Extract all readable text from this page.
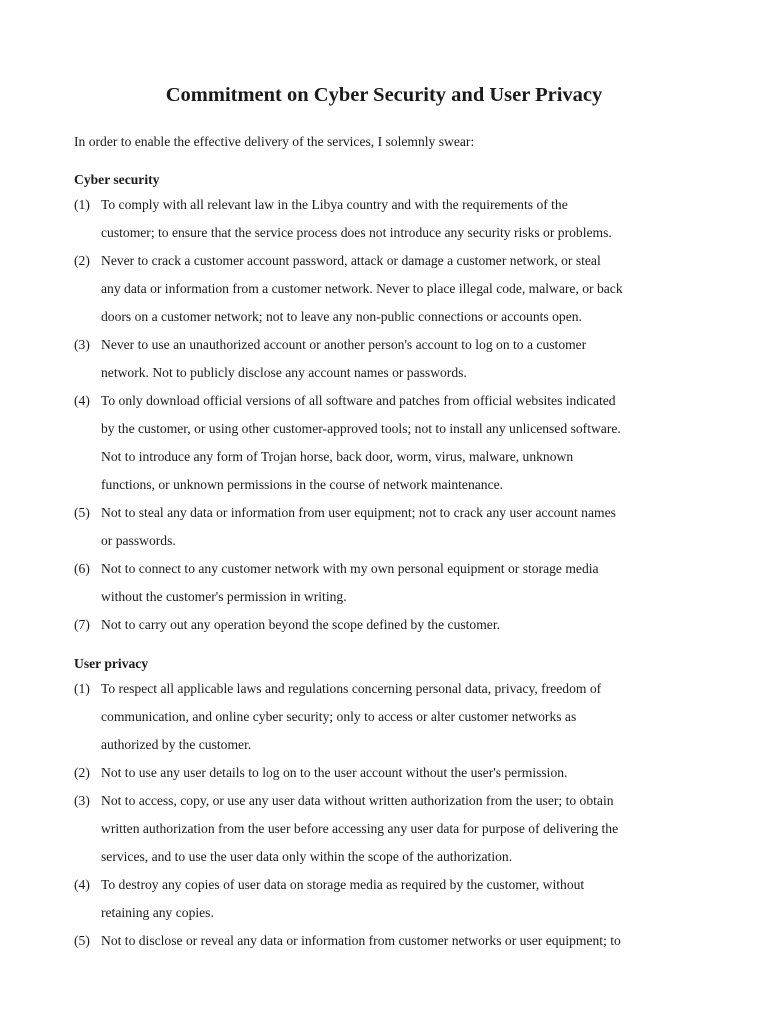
Commitment on Cyber Security and User Privacy

In order to enable the effective delivery of the services, I solemnly swear:

Cyber security

(1) To comply with all relevant law in the Libya country and with the requirements of the
customer; to ensure that the service process does not introduce any security risks or problems.
(2) Never to crack a customer account password, attack or damage a customer network, or steal
any data or information from a customer network. Never to place illegal code, malware, or back
doors on a customer network; not to leave any non-public connections or accounts open.
(3) Never to use an unauthorized account or another person's account to log on to a customer
network. Not to publicly disclose any account names or passwords.
(4) To only download official versions of all software and patches from official websites indicated
by the customer, or using other customer-approved tools; not to install any unlicensed software.
Not to introduce any form of Trojan horse, back door, worm, virus, malware, unknown
functions, or unknown permissions in the course of network maintenance.
(5) Not to steal any data or information from user equipment; not to crack any user account names
or passwords.
(6) Not to connect to any customer network with my own personal equipment or storage media
without the customer's permission in writing.
(7) Not to carry out any operation beyond the scope defined by the customer.

User privacy

(1) To respect all applicable laws and regulations concerning personal data, privacy, freedom of
communication, and online cyber security; only to access or alter customer networks as
authorized by the customer.
(2) Not to use any user details to log on to the user account without the user's permission.
(3) Not to access, copy, or use any user data without written authorization from the user; to obtain
written authorization from the user before accessing any user data for purpose of delivering the
services, and to use the user data only within the scope of the authorization.
(4) To destroy any copies of user data on storage media as required by the customer, without
retaining any copies.
(5) Not to disclose or reveal any data or information from customer networks or user equipment; to
